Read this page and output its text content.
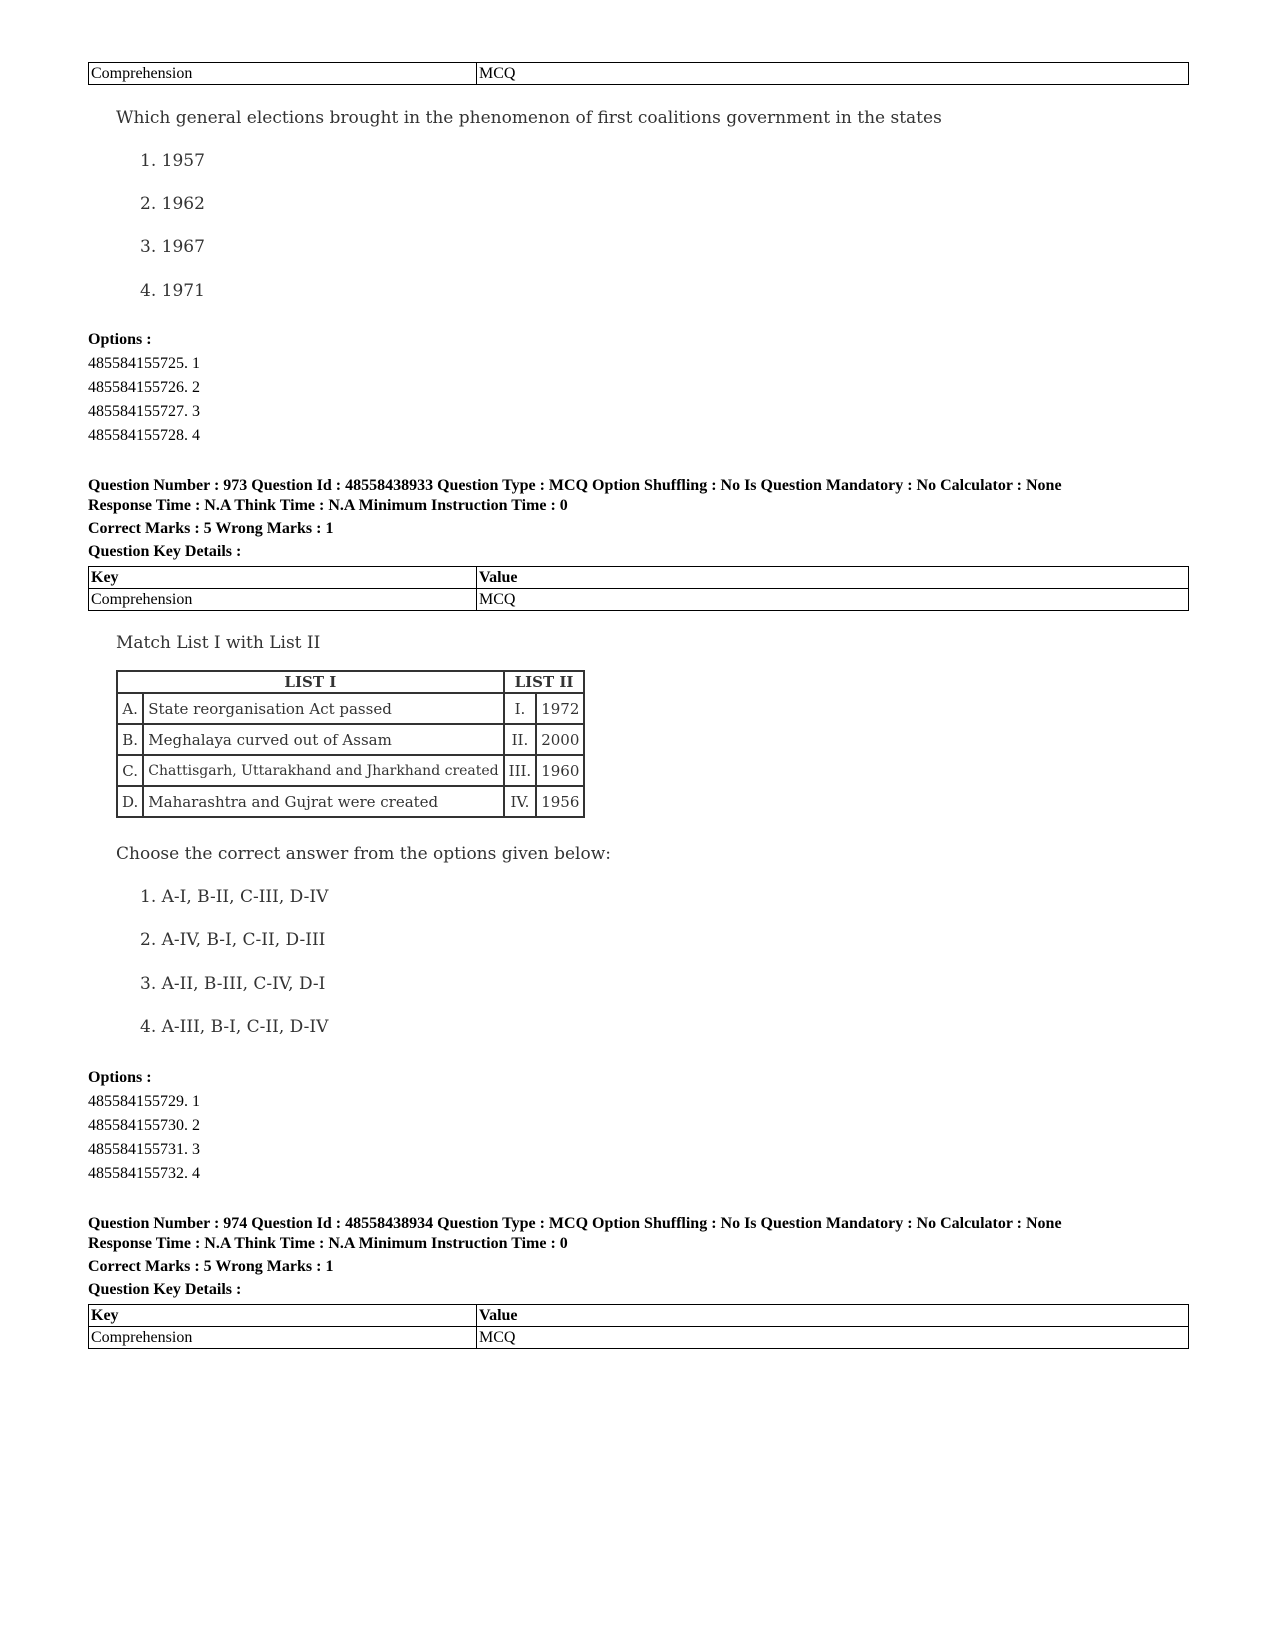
Comprehension	MCQ
Which general elections brought in the phenomenon of first coalitions government in the states
1. 1957
2. 1962
3. 1967
4. 1971
Options :
485584155725. 1
485584155726. 2
485584155727. 3
485584155728. 4
Question Number : 973 Question Id : 48558438933 Question Type : MCQ Option Shuffling : No Is Question Mandatory : No Calculator : None
Response Time : N.A Think Time : N.A Minimum Instruction Time : 0
Correct Marks : 5 Wrong Marks : 1
Question Key Details :
Key	Value
Comprehension	MCQ
Match List I with List II
LIST I		LIST II	
A.	State reorganisation Act passed	I.	1972
B.	Meghalaya curved out of Assam	II.	2000
C.	Chattisgarh, Uttarakhand and Jharkhand created	III.	1960
D.	Maharashtra and Gujrat were created	IV.	1956
Choose the correct answer from the options given below:
1. A-I, B-II, C-III, D-IV
2. A-IV, B-I, C-II, D-III
3. A-II, B-III, C-IV, D-I
4. A-III, B-I, C-II, D-IV
Options :
485584155729. 1
485584155730. 2
485584155731. 3
485584155732. 4
Question Number : 974 Question Id : 48558438934 Question Type : MCQ Option Shuffling : No Is Question Mandatory : No Calculator : None
Response Time : N.A Think Time : N.A Minimum Instruction Time : 0
Correct Marks : 5 Wrong Marks : 1
Question Key Details :
Key	Value
Comprehension	MCQ
